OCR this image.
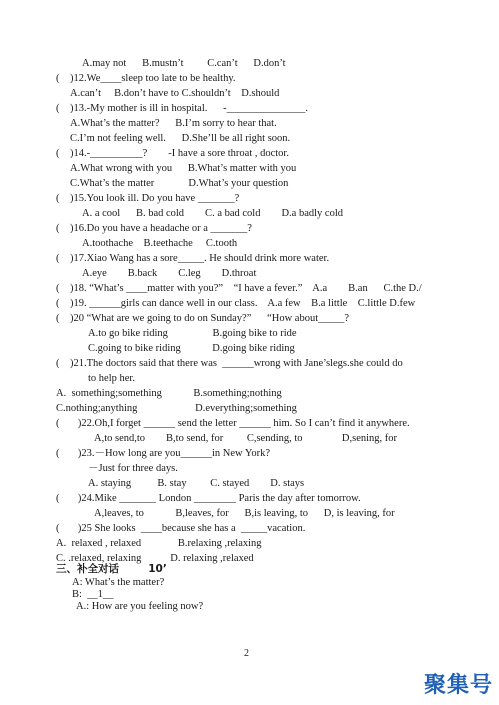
A.may not      B.mustn’t         C.can’t      D.don’t
(    )12.We____sleep too late to be healthy.
A.can’t     B.don’t have to C.shouldn’t    D.should
(    )13.-My mother is ill in hospital.      -_______________.
A.What’s the matter?      B.I’m sorry to hear that.
C.I’m not feeling well.      D.She’ll be all right soon.
(    )14.-__________?        -I have a sore throat , doctor.
A.What wrong with you      B.What’s matter with you
C.What’s the matter             D.What’s your question
(    )15.You look ill. Do you have _______?
A. a cool      B. bad cold        C. a bad cold        D.a badly cold
(    )16.Do you have a headache or a _______?
A.toothache    B.teethache     C.tooth
(    )17.Xiao Wang has a sore_____. He should drink more water.
A.eye        B.back        C.leg        D.throat
(    )18. “What’s ____matter with you?”    “I have a fever.”    A.a        B.an      C.the D./
(    )19. ______girls can dance well in our class.    A.a few    B.a little    C.little D.few
(    )20 “What are we going to do on Sunday?”      “How about_____?
A.to go bike riding                 B.going bike to ride
C.going to bike riding            D.going bike riding
(    )21.The doctors said that there was  ______wrong with Jane’slegs.she could do
to help her.
A.  something;something            B.something;nothing
C.nothing;anything                      D.everything;something
(       )22.Oh,I forget ______ send the letter ______ him. So I can’t find it anywhere.
A,to send,to        B,to send, for         C,sending, to               D,sening, for
(       )23.－How long are you______in New York?
－Just for three days.
A. staying          B. stay         C. stayed        D. stays
(       )24.Mike _______ London ________ Paris the day after tomorrow.
A,leaves, to            B,leaves, for      B,is leaving, to      D, is leaving, for
(       )25 She looks  ____because she has a  _____vacation.
A.  relaxed , relaxed              B.relaxing ,relaxing
C. .relaxed, relaxing           D. relaxing ,relaxed
A: What’s the matter?
B:  __1__
A.: How are you feeling now?
三、补全对话        10’
2
聚集号
